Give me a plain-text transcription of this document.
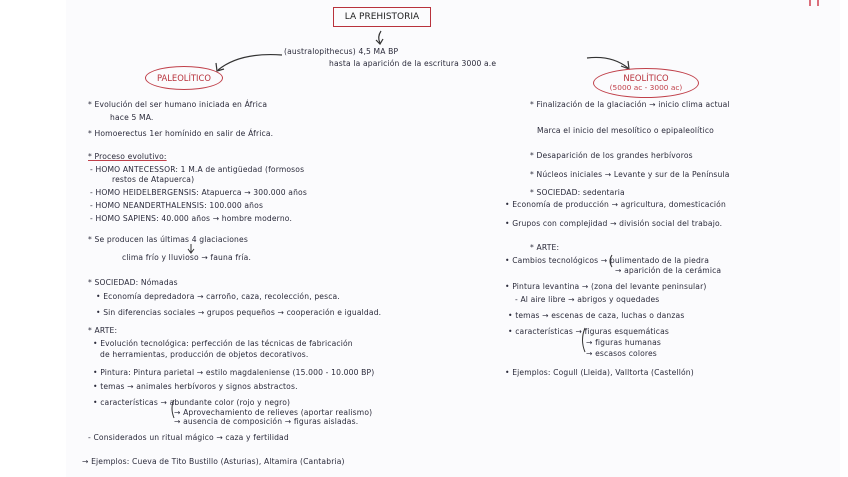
LA PREHISTORIA
(australopithecus) 4,5 MA BP
hasta la aparición de la escritura 3000 a.e
PALEOLÍTICO	NEOLÍTICO
(5000 ac - 3000 ac)
* Evolución del ser humano iniciada en África
hace 5 MA.
* Homoerectus 1er homínido en salir de África.
* Proceso evolutivo:
- HOMO ANTECESSOR: 1 M.A de antigüedad (formosos
restos de Atapuerca)
- HOMO HEIDELBERGENSIS: Atapuerca → 300.000 años
- HOMO NEANDERTHALENSIS: 100.000 años
- HOMO SAPIENS: 40.000 años → hombre moderno.
* Se producen las últimas 4 glaciaciones
clima frío y lluvioso → fauna fría.
* SOCIEDAD: Nómadas
• Economía depredadora → carroño, caza, recolección, pesca.
• Sin diferencias sociales → grupos pequeños → cooperación e igualdad.
* ARTE:
• Evolución tecnológica: perfección de las técnicas de fabricación
de herramientas, producción de objetos decorativos.
• Pintura: Pintura parietal → estilo magdaleniense (15.000 - 10.000 BP)
• temas → animales herbívoros y signos abstractos.
• características → abundante color (rojo y negro)
→ Aprovechamiento de relieves (aportar realismo)
→ ausencia de composición → figuras aisladas.
- Considerados un ritual mágico → caza y fertilidad
→ Ejemplos: Cueva de Tito Bustillo (Asturias), Altamira (Cantabria)
* Finalización de la glaciación → inicio clima actual
Marca el inicio del mesolítico o epipaleolítico
* Desaparición de los grandes herbívoros
* Núcleos iniciales → Levante y sur de la Península
* SOCIEDAD: sedentaria
• Economía de producción → agricultura, domesticación
• Grupos con complejidad → división social del trabajo.
* ARTE:
• Cambios tecnológicos → pulimentado de la piedra
→ aparición de la cerámica
• Pintura levantina → (zona del levante peninsular)
- Al aire libre → abrigos y oquedades
• temas → escenas de caza, luchas o danzas
• características → figuras esquemáticas
→ figuras humanas
→ escasos colores
• Ejemplos: Cogull (Lleida), Valltorta (Castellón)
